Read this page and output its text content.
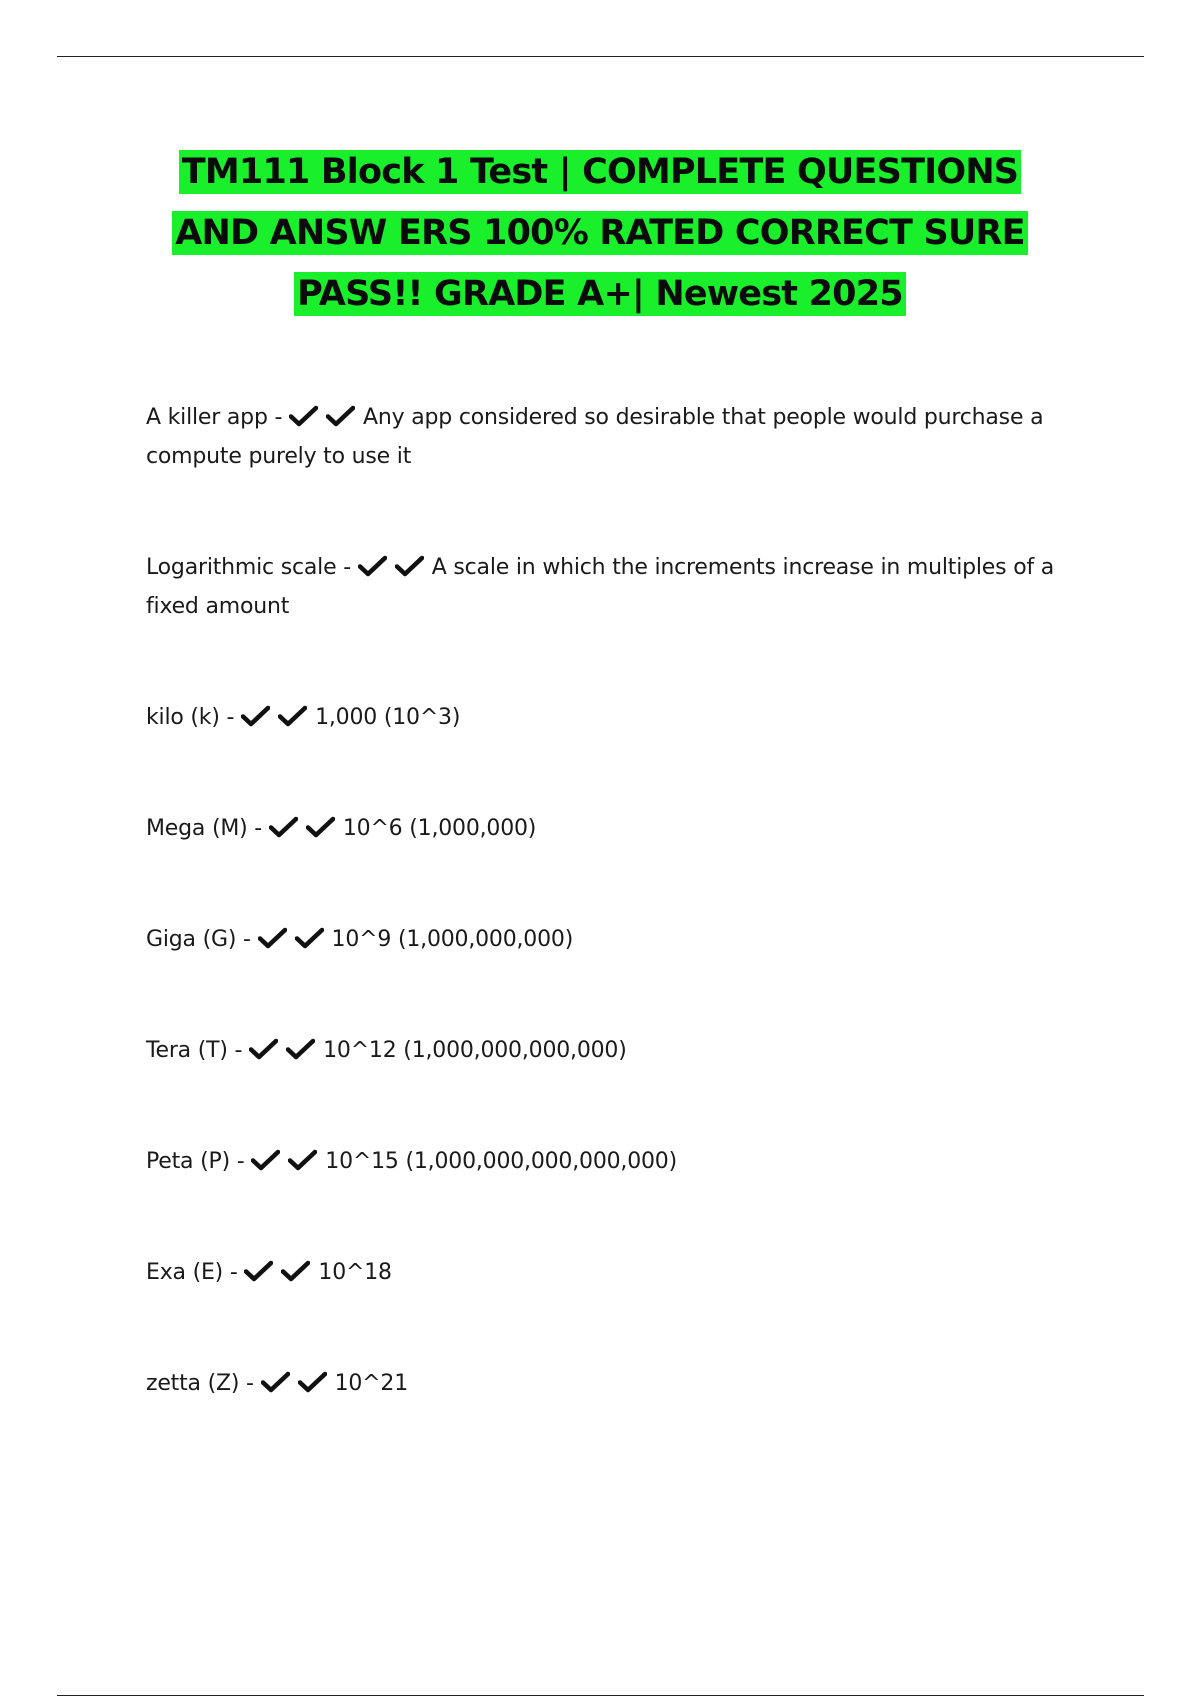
TM111 Block 1 Test | COMPLETE QUESTIONS
AND ANSW ERS 100% RATED CORRECT SURE
PASS!! GRADE A+| Newest 2025
A killer app -	Any app considered so desirable that people would purchase a compute purely to use it
Logarithmic scale -	A scale in which the increments increase in multiples of a fixed amount
kilo (k) -	1,000 (10^3)
Mega (M) -	10^6 (1,000,000)
Giga (G) -	10^9 (1,000,000,000)
Tera (T) -	10^12 (1,000,000,000,000)
Peta (P) -	10^15 (1,000,000,000,000,000)
Exa (E) -	10^18
zetta (Z) -	10^21
